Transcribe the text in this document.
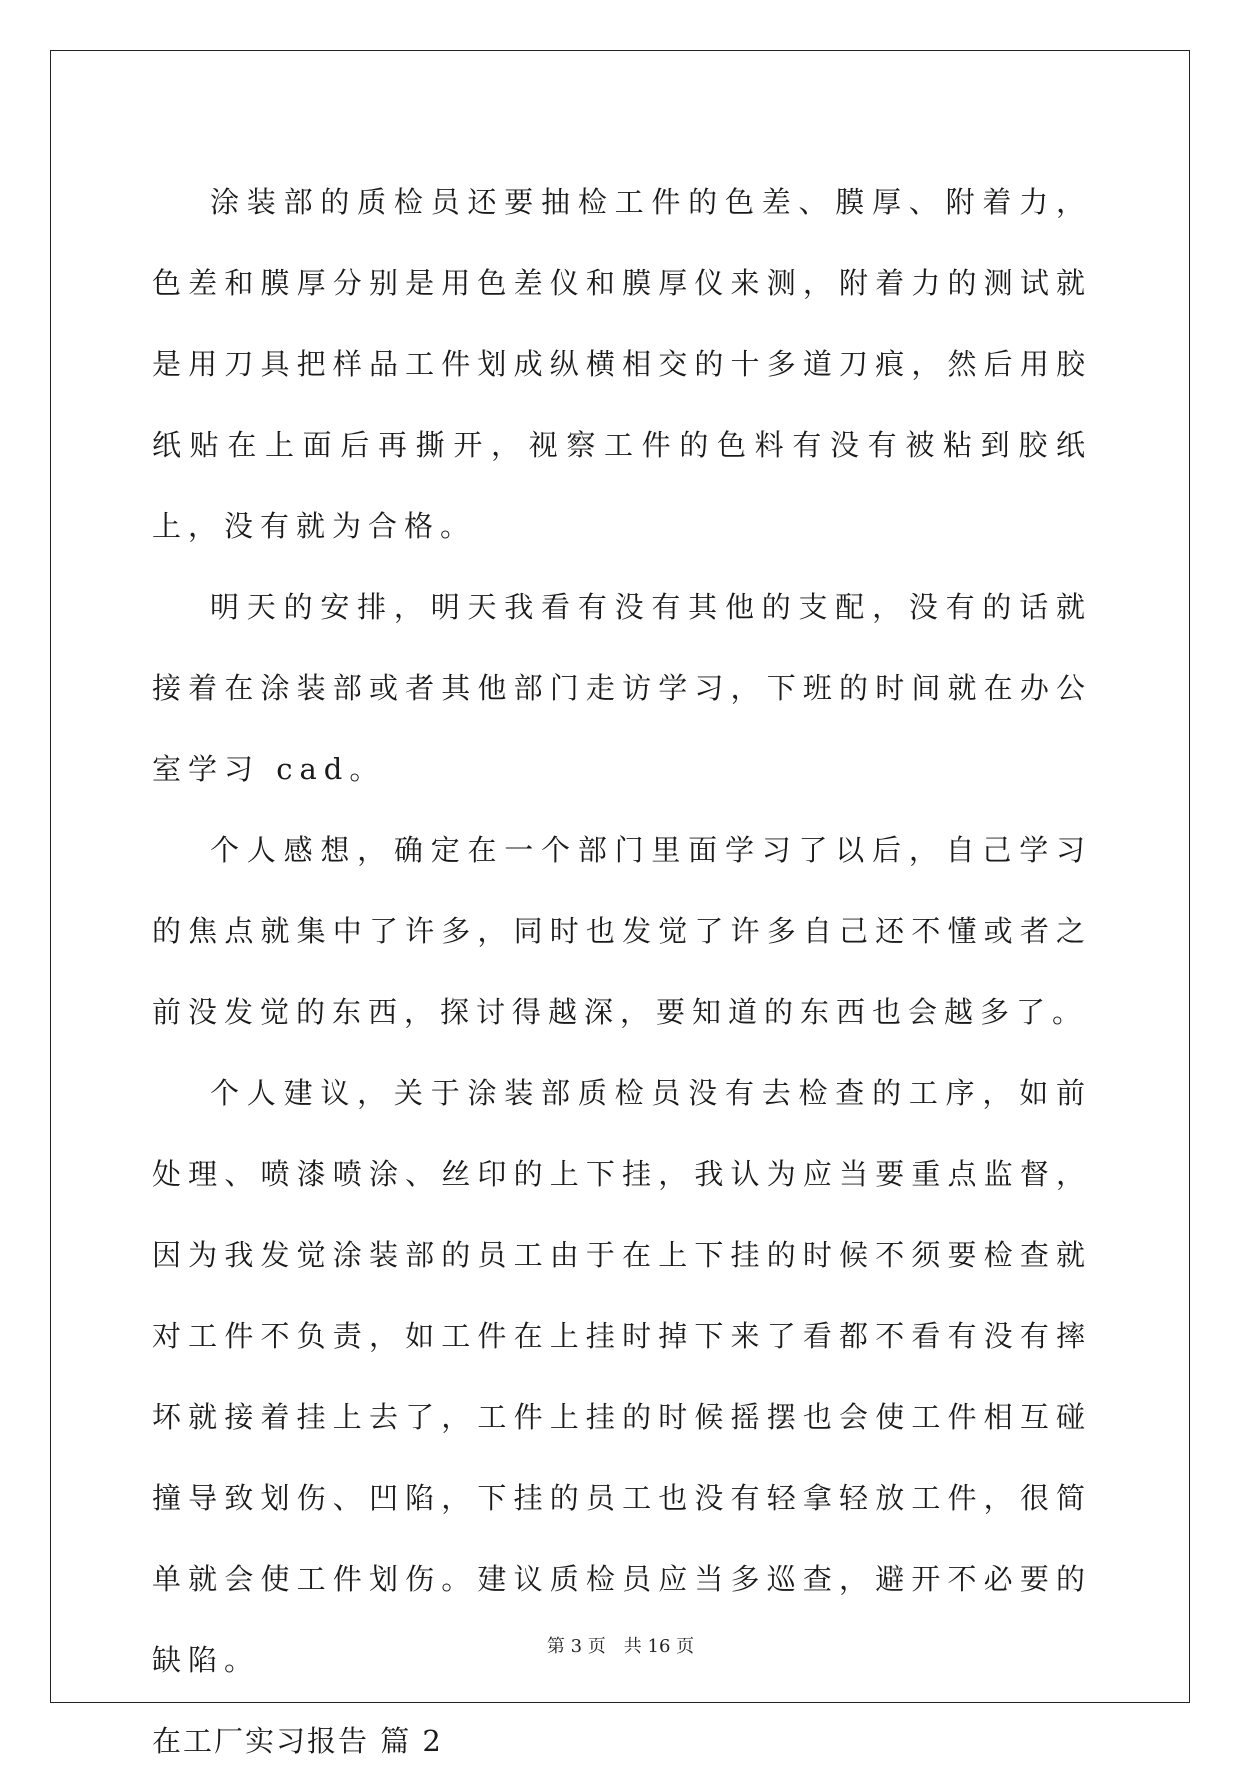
涂装部的质检员还要抽检工件的色差、膜厚、附着力，色差和膜厚分别是用色差仪和膜厚仪来测，附着力的测试就是用刀具把样品工件划成纵横相交的十多道刀痕，然后用胶纸贴在上面后再撕开，视察工件的色料有没有被粘到胶纸上，没有就为合格。

明天的安排，明天我看有没有其他的支配，没有的话就接着在涂装部或者其他部门走访学习，下班的时间就在办公室学习 cad。

个人感想，确定在一个部门里面学习了以后，自己学习的焦点就集中了许多，同时也发觉了许多自己还不懂或者之前没发觉的东西，探讨得越深，要知道的东西也会越多了。

个人建议，关于涂装部质检员没有去检查的工序，如前处理、喷漆喷涂、丝印的上下挂，我认为应当要重点监督，因为我发觉涂装部的员工由于在上下挂的时候不须要检查就对工件不负责，如工件在上挂时掉下来了看都不看有没有摔坏就接着挂上去了，工件上挂的时候摇摆也会使工件相互碰撞导致划伤、凹陷，下挂的员工也没有轻拿轻放工件，很简单就会使工件划伤。建议质检员应当多巡查，避开不必要的缺陷。

在工厂实习报告 篇 2

第 3 页 共 16 页
